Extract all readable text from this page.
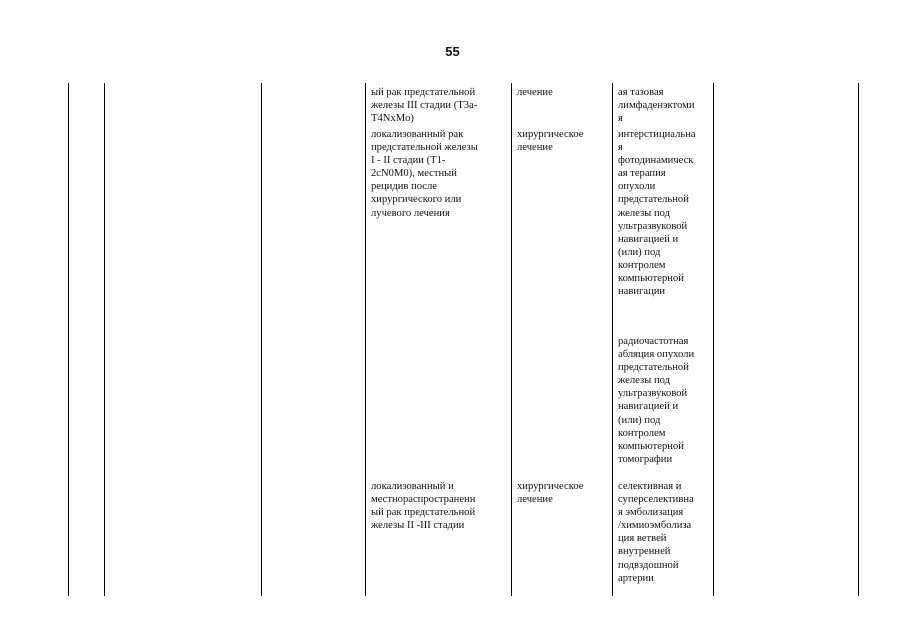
55
ый рак предстательной
железы III стадии (Т3а-
Т4NxMo)
локализованный рак
предстательной железы
I - II стадии (Т1-
2cN0M0), местный
рецидив после
хирургического или
лучевого лечения
локализованный и
местнораспространенн
ый рак предстательной
железы II -III стадии
лечение
хирургическое
лечение
хирургическое
лечение
ая тазовая
лимфаденэктоми
я
интерстициальна
я
фотодинамическ
ая терапия
опухоли
предстательной
железы под
ультразвуковой
навигацией и
(или) под
контролем
компьютерной
навигации
радиочастотная
абляция опухоли
предстательной
железы под
ультразвуковой
навигацией и
(или) под
контролем
компьютерной
томографии
селективная и
суперселективна
я эмболизация
/химиоэмболиза
ция ветвей
внутренней
подвздошной
артерии
